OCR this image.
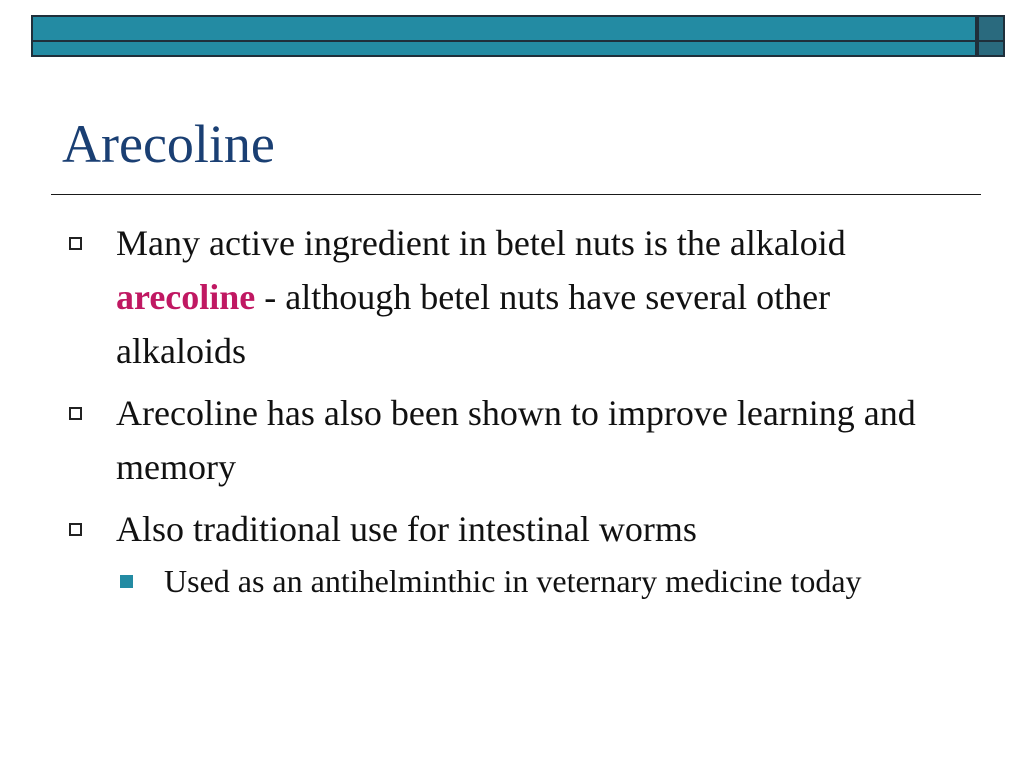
Arecoline
Many active ingredient in betel nuts is the alkaloid arecoline - although betel nuts have several other alkaloids
Arecoline has also been shown to improve learning and memory
Also traditional use for intestinal worms
Used as an antihelminthic in veternary medicine today
